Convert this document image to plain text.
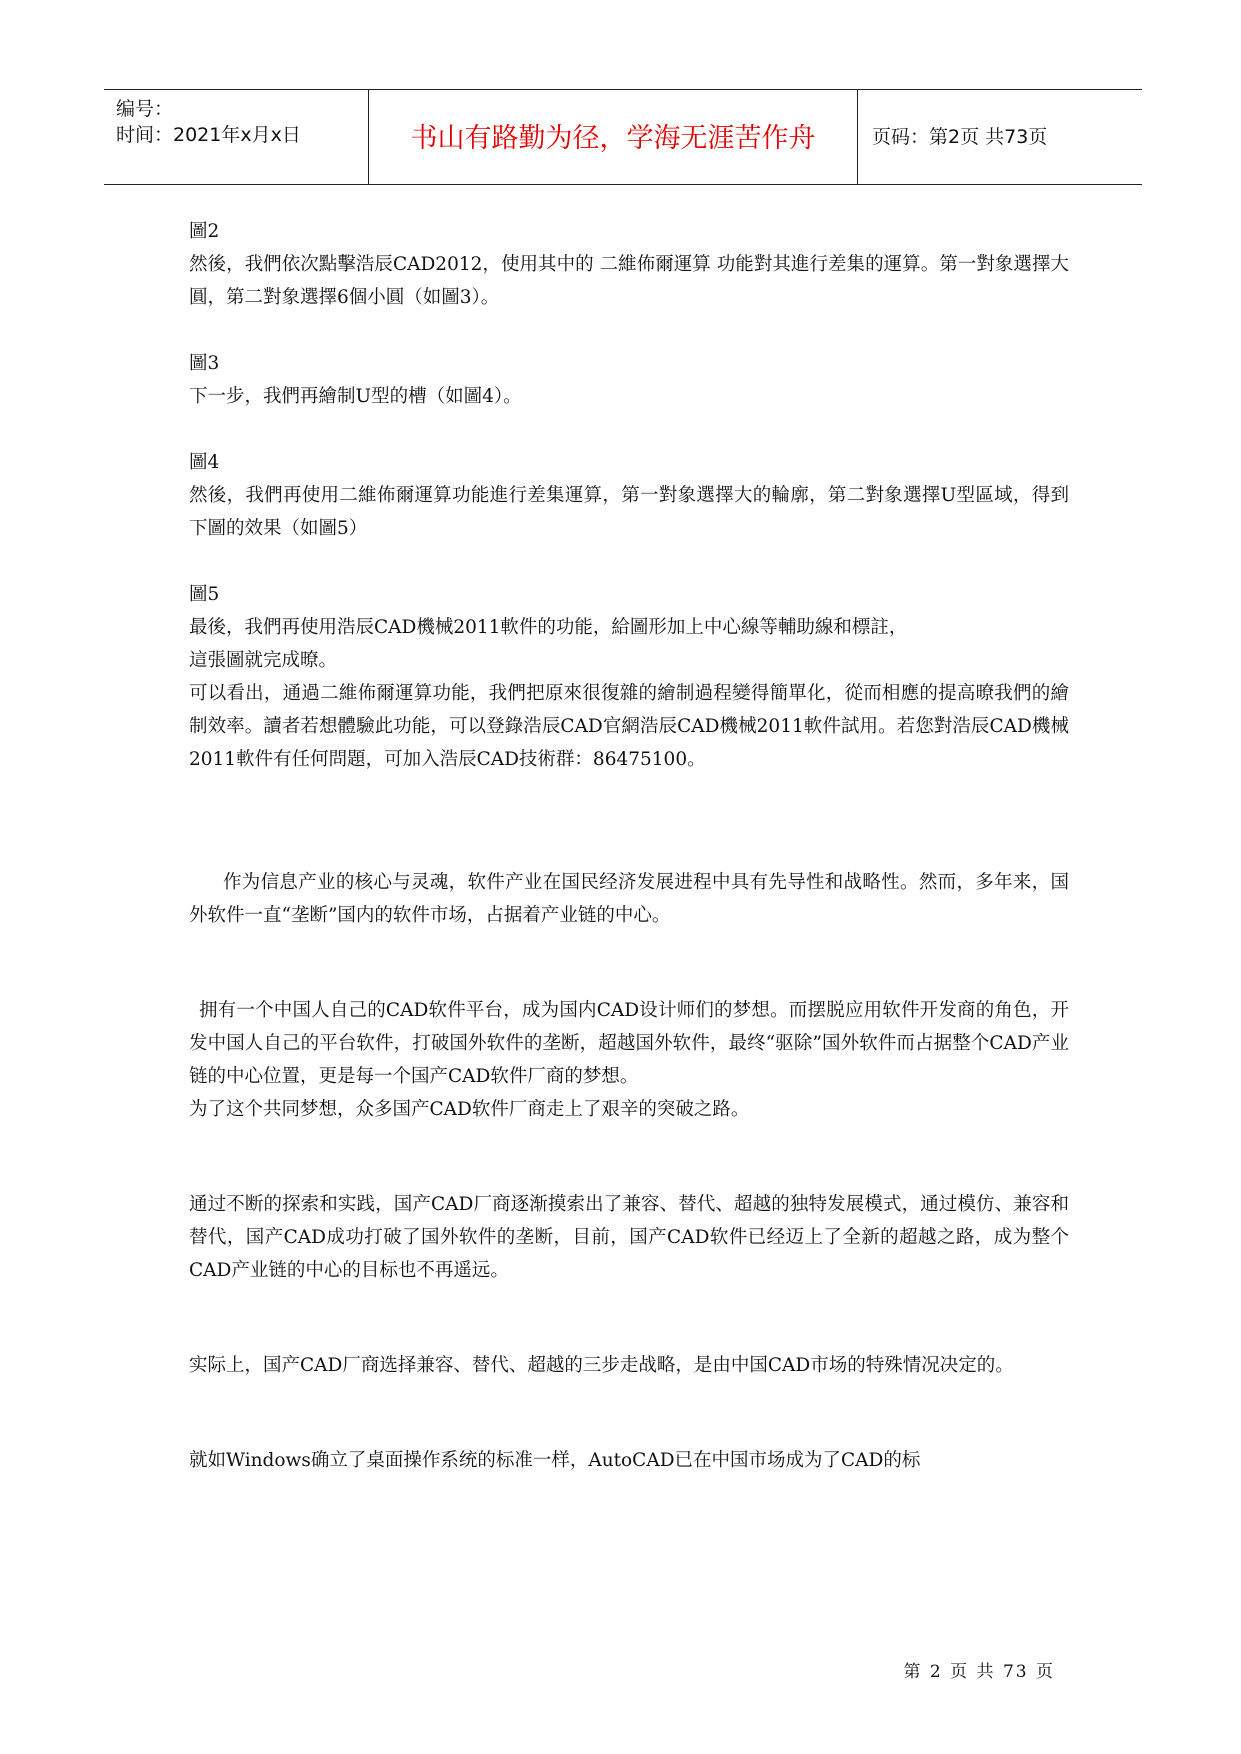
编号：
时间：2021年x月x日	书山有路勤为径，学海无涯苦作舟	页码：第2页 共73页

圖2

然後，我們依次點擊浩辰CAD2012，使用其中的 二維佈爾運算 功能對其進行差集的運算。第一對象選擇大圓，第二對象選擇6個小圓（如圖3）。

圖3

下一步，我們再繪制U型的槽（如圖4）。

圖4

然後，我們再使用二維佈爾運算功能進行差集運算，第一對象選擇大的輪廓，第二對象選擇U型區域，得到下圖的效果（如圖5）

圖5

最後，我們再使用浩辰CAD機械2011軟件的功能，給圖形加上中心線等輔助線和標註，

這張圖就完成暸。

可以看出，通過二維佈爾運算功能，我們把原來很復雜的繪制過程變得簡單化，從而相應的提高暸我們的繪制效率。讀者若想體驗此功能，可以登錄浩辰CAD官網浩辰CAD機械2011軟件試用。若您對浩辰CAD機械2011軟件有任何問題，可加入浩辰CAD技術群：86475100。

作为信息产业的核心与灵魂，软件产业在国民经济发展进程中具有先导性和战略性。然而，多年来，国外软件一直“垄断”国内的软件市场，占据着产业链的中心。

拥有一个中国人自己的CAD软件平台，成为国内CAD设计师们的梦想。而摆脱应用软件开发商的角色，开发中国人自己的平台软件，打破国外软件的垄断，超越国外软件，最终“驱除”国外软件而占据整个CAD产业链的中心位置，更是每一个国产CAD软件厂商的梦想。

为了这个共同梦想，众多国产CAD软件厂商走上了艰辛的突破之路。

通过不断的探索和实践，国产CAD厂商逐渐摸索出了兼容、替代、超越的独特发展模式，通过模仿、兼容和替代，国产CAD成功打破了国外软件的垄断，目前，国产CAD软件已经迈上了全新的超越之路，成为整个CAD产业链的中心的目标也不再遥远。

实际上，国产CAD厂商选择兼容、替代、超越的三步走战略，是由中国CAD市场的特殊情况决定的。

就如Windows确立了桌面操作系统的标准一样，AutoCAD已在中国市场成为了CAD的标

第 2 页 共 73 页
